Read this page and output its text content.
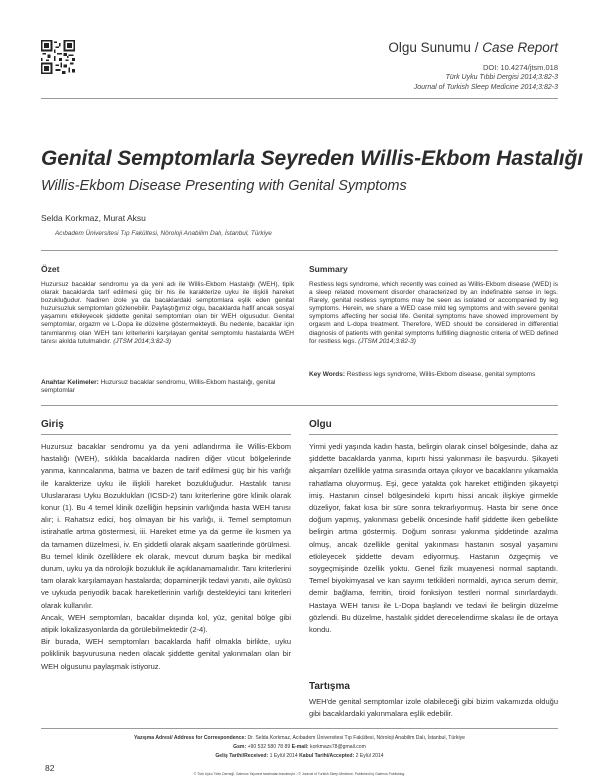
Olgu Sunumu / Case Report
DOI: 10.4274/jtsm.018
Türk Uyku Tıbbi Dergisi 2014;3:82-3
Journal of Turkish Sleep Medicine 2014;3:82-3
Genital Semptomlarla Seyreden Willis-Ekbom Hastalığı
Willis-Ekbom Disease Presenting with Genital Symptoms
Selda Korkmaz, Murat Aksu
Acıbadem Üniversitesi Tıp Fakültesi, Nöroloji Anabilim Dalı, İstanbul, Türkiye
Özet
Huzursuz bacaklar sendromu ya da yeni adı ile Willis-Ekbom Hastalığı (WEH), tipik olarak bacaklarda tarif edilmesi güç bir his ile karakterize uyku ile ilişkili hareket bozukluğudur. Nadiren izole ya da bacaklardaki semptomlara eşlik eden genital huzursuzluk semptomları gözlenebilir. Paylaştığımız olgu, bacaklarda hafif ancak sosyal yaşamını etkileyecek şiddette genital semptomları olan bir WEH olgusudur. Genital semptomlar, orgazm ve L-Dopa ile düzelme göstermekteydi. Bu nedenle, bacaklar için tanımlanmış olan WEH tanı kriterlerini karşılayan genital semptomlu hastalarda WEH tanısı akılda tutulmalıdır. (JTSM 2014;3:82-3)
Anahtar Kelimeler: Huzursuz bacaklar sendromu, Willis-Ekbom hastalığı, genital semptomlar
Summary
Restless legs syndrome, which recently was coined as Willis-Ekbom disease (WED) is a sleep related movement disorder characterized by an indefinable sense in legs. Rarely, genital restless symptoms may be seen as isolated or accompanied by leg symptoms. Herein, we share a WED case mild leg symptoms and with severe genital symptoms affecting her social life. Genital symptoms have showed improvement by orgasm and L-dopa treatment. Therefore, WED should be considered in differential diagnosis of patients with genital symptoms fulfilling diagnostic criteria of WED defined for restless legs. (JTSM 2014;3:82-3)
Key Words: Restless legs syndrome, Willis-Ekbom disease, genital symptoms
Giriş

Huzursuz bacaklar sendromu ya da yeni adlandırma ile Willis-Ekbom hastalığı (WEH), sıklıkla bacaklarda nadiren diğer vücut bölgelerinde yanma, karıncalanma, batma ve bazen de tarif edilmesi güç bir his varlığı ile karakterize uyku ile ilişkili hareket bozukluğudur. Hastalık tanısı Uluslararası Uyku Bozuklukları (ICSD-2) tanı kriterlerine göre klinik olarak konur (1). Bu 4 temel klinik özelliğin hepsinin varlığında hasta WEH tanısı alır; i. Rahatsız edici, hoş olmayan bir his varlığı, ii. Temel semptomun istirahatle artma göstermesi, iii. Hareket etme ya da germe ile kısmen ya da tamamen düzelmesi, iv. En şiddetli olarak akşam saatlerinde görülmesi. Bu temel klinik özelliklere ek olarak, mevcut durum başka bir medikal durum, uyku ya da nörolojik bozukluk ile açıklanamamalıdır. Tanı kriterlerini tam olarak karşılamayan hastalarda; dopaminerjik tedavi yanıtı, aile öyküsü ve uykuda periyodik bacak hareketlerinin varlığı destekleyici tanı kriterleri olarak kullanılır.

Ancak, WEH semptomları, bacaklar dışında kol, yüz, genital bölge gibi atipik lokalizasyonlarda da görülebilmektedir (2-4).

Bir burada, WEH semptomları bacaklarda hafif olmakla birlikte, uyku poliklinik başvurusuna neden olacak şiddette genital yakınmaları olan bir WEH olgusunu paylaşmak istiyoruz.

Olgu

Yirmi yedi yaşında kadın hasta, belirgin olarak cinsel bölgesinde, daha az şiddette bacaklarda yanma, kıpırtı hissi yakınması ile başvurdu. Şikayeti akşamları özellikle yatma sırasında ortaya çıkıyor ve bacaklarını yıkamakla rahatlama oluyormuş. Eşi, gece yatakta çok hareket ettiğinden şikayetçi imiş. Hastanın cinsel bölgesindeki kıpırtı hissi ancak ilişkiye girmekle düzeliyor, fakat kısa bir süre sonra tekrarlıyormuş. Hasta bir sene önce doğum yapmış, yakınması gebelik öncesinde hafif şiddette iken gebelikte belirgin artma göstermiş. Doğum sonrası yakınma şiddetinde azalma olmuş, ancak özellikle genital yakınması hastanın sosyal yaşamını etkileyecek şiddette devam ediyormuş. Hastanın özgeçmiş ve soygeçmişinde özellik yoktu. Genel fizik muayenesi normal saptandı. Temel biyokimyasal ve kan sayımı tetkikleri normaldi, ayrıca serum demir, demir bağlama, ferritin, tiroid fonksiyon testleri normal sınırlardaydı. Hastaya WEH tanısı ile L-Dopa başlandı ve tedavi ile belirgin düzelme gözlendi. Bu düzelme, hastalık şiddet derecelendirme skalası ile de ortaya kondu.

Tartışma

WEH'de genital semptomlar izole olabileceği gibi bizim vakamızda olduğu gibi bacaklardaki yakınmalara eşlik edebilir.

Yazışma Adresi/ Address for Correspondence: Dr. Selda Korkmaz, Acıbadem Üniversitesi Tıp Fakültesi, Nöroloji Anabilim Dalı, İstanbul, Türkiye
Gsm: +90 532 580 78 89 E-mail: korkmazs78@gmail.com
Geliş Tarihi/Received: 1 Eylül 2014 Kabul Tarihi/Accepted: 2 Eylül 2014
82
© Türk Uyku Tıbbı Derneği, Galenos Yayınevi tarafından basılmıştır. / © Journal of Turkish Sleep Medicine, Published by Galenos Publishing.
